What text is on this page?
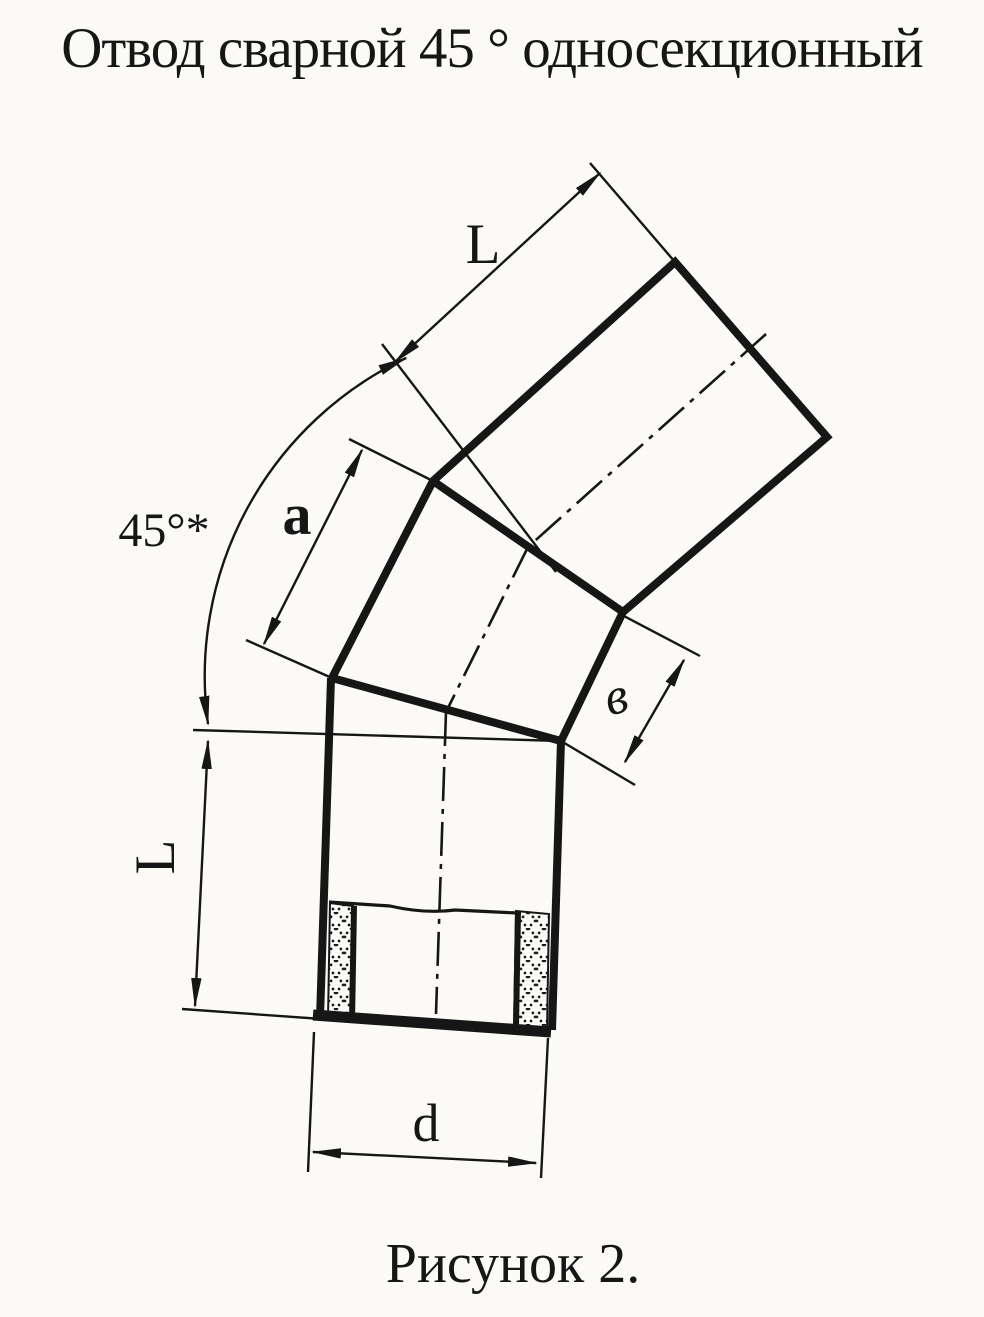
Отвод сварной 45 ° односекционный
L
a
45°*
в
L
d
Рисунок 2.
